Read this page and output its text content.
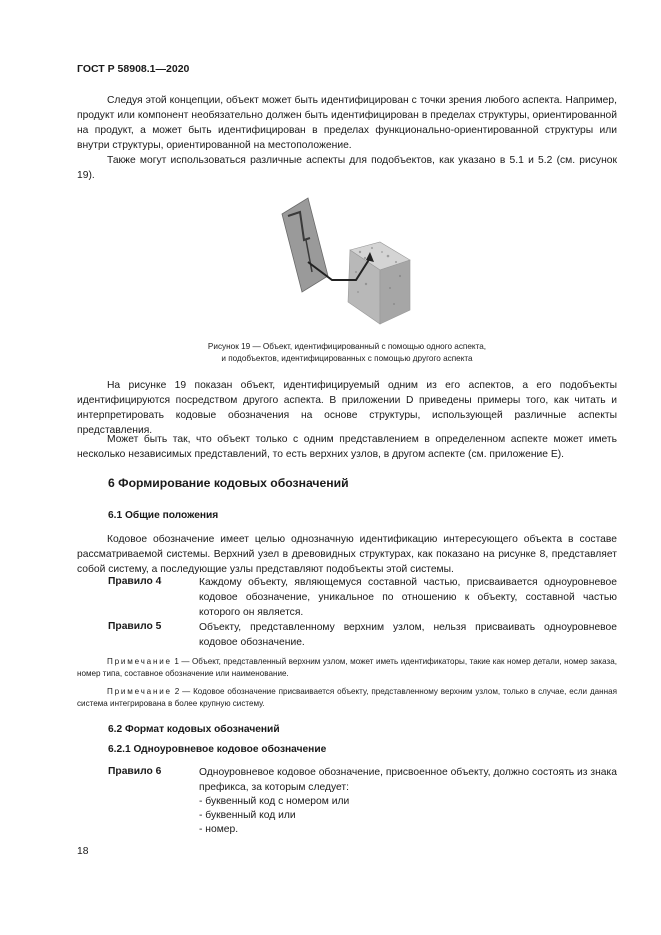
ГОСТ Р 58908.1—2020

Следуя этой концепции, объект может быть идентифицирован с точки зрения любого аспекта. Например, продукт или компонент необязательно должен быть идентифицирован в пределах структуры, ориентированной на продукт, а может быть идентифицирован в пределах функционально-ориентированной структуры или внутри структуры, ориентированной на местоположение.

Также могут использоваться различные аспекты для подобъектов, как указано в 5.1 и 5.2 (см. рисунок 19).

Рисунок 19 — Объект, идентифицированный с помощью одного аспекта,
и подобъектов, идентифицированных с помощью другого аспекта

На рисунке 19 показан объект, идентифицируемый одним из его аспектов, а его подобъекты идентифицируются посредством другого аспекта. В приложении D приведены примеры того, как читать и интерпретировать кодовые обозначения на основе структуры, использующей различные аспекты представления.

Может быть так, что объект только с одним представлением в определенном аспекте может иметь несколько независимых представлений, то есть верхних узлов, в другом аспекте (см. приложение E).

6 Формирование кодовых обозначений
6.1 Общие положения

Кодовое обозначение имеет целью однозначную идентификацию интересующего объекта в составе рассматриваемой системы. Верхний узел в древовидных структурах, как показано на рисунке 8, представляет собой систему, а последующие узлы представляют подобъекты этой системы.

Правило 4	Каждому объекту, являющемуся составной частью, присваивается одноуровневое кодовое обозначение, уникальное по отношению к объекту, составной частью которого он является.

Правило 5	Объекту, представленному верхним узлом, нельзя присваивать одноуровневое кодовое обозначение.

Примечание 1 — Объект, представленный верхним узлом, может иметь идентификаторы, такие как номер детали, номер заказа, номер типа, составное обозначение или наименование.

Примечание 2 — Кодовое обозначение присваивается объекту, представленному верхним узлом, только в случае, если данная система интегрирована в более крупную систему.

6.2 Формат кодовых обозначений
6.2.1 Одноуровневое кодовое обозначение
Правило 6	Одноуровневое кодовое обозначение, присвоенное объекту, должно состоять из знака префикса, за которым следует:

- буквенный код с номером или
- буквенный код или
- номер.
18
